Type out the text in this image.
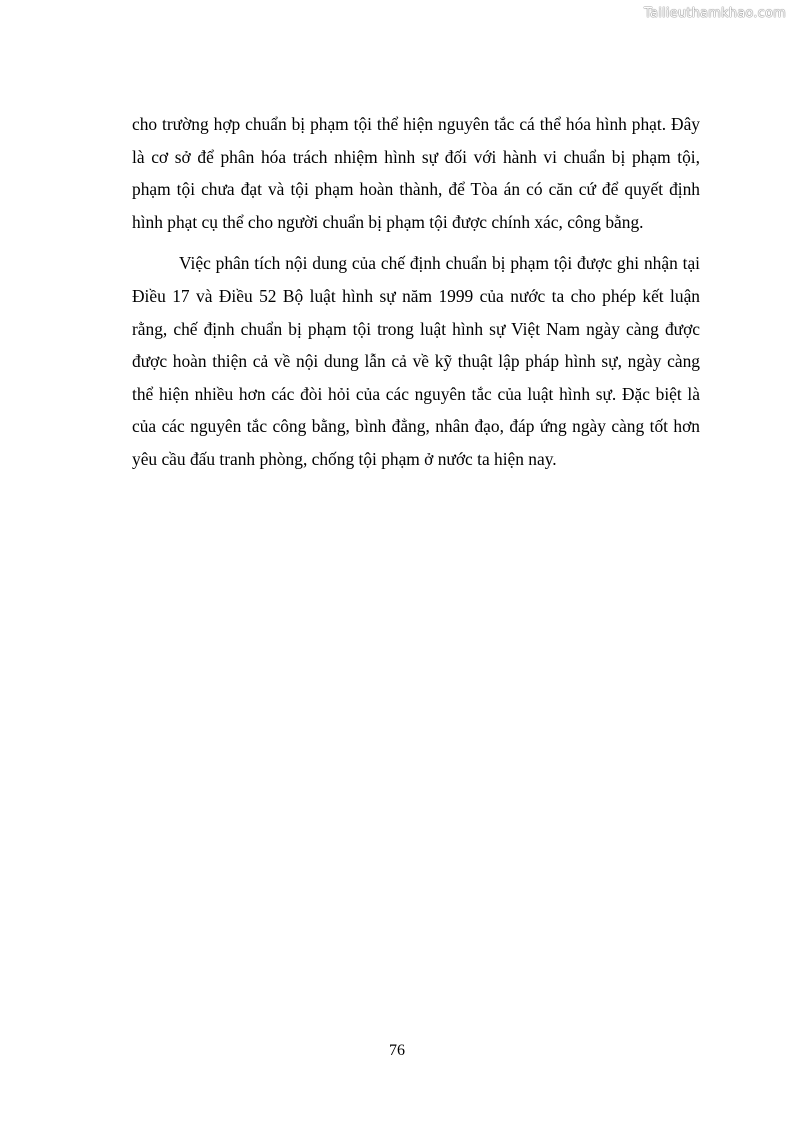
Tailieuthamkhao.com

cho trường hợp chuẩn bị phạm tội thể hiện nguyên tắc cá thể hóa hình phạt. Đây là cơ sở để phân hóa trách nhiệm hình sự đối với hành vi chuẩn bị phạm tội, phạm tội chưa đạt và tội phạm hoàn thành, để Tòa án có căn cứ để quyết định hình phạt cụ thể cho người chuẩn bị phạm tội được chính xác, công bằng.

Việc phân tích nội dung của chế định chuẩn bị phạm tội được ghi nhận tại Điều 17 và Điều 52 Bộ luật hình sự năm 1999 của nước ta cho phép kết luận rằng, chế định chuẩn bị phạm tội trong luật hình sự Việt Nam ngày càng được được hoàn thiện cả về nội dung lẫn cả về kỹ thuật lập pháp hình sự, ngày càng thể hiện nhiều hơn các đòi hỏi của các nguyên tắc của luật hình sự. Đặc biệt là của các nguyên tắc công bằng, bình đẳng, nhân đạo, đáp ứng ngày càng tốt hơn yêu cầu đấu tranh phòng, chống tội phạm ở nước ta hiện nay.

76
